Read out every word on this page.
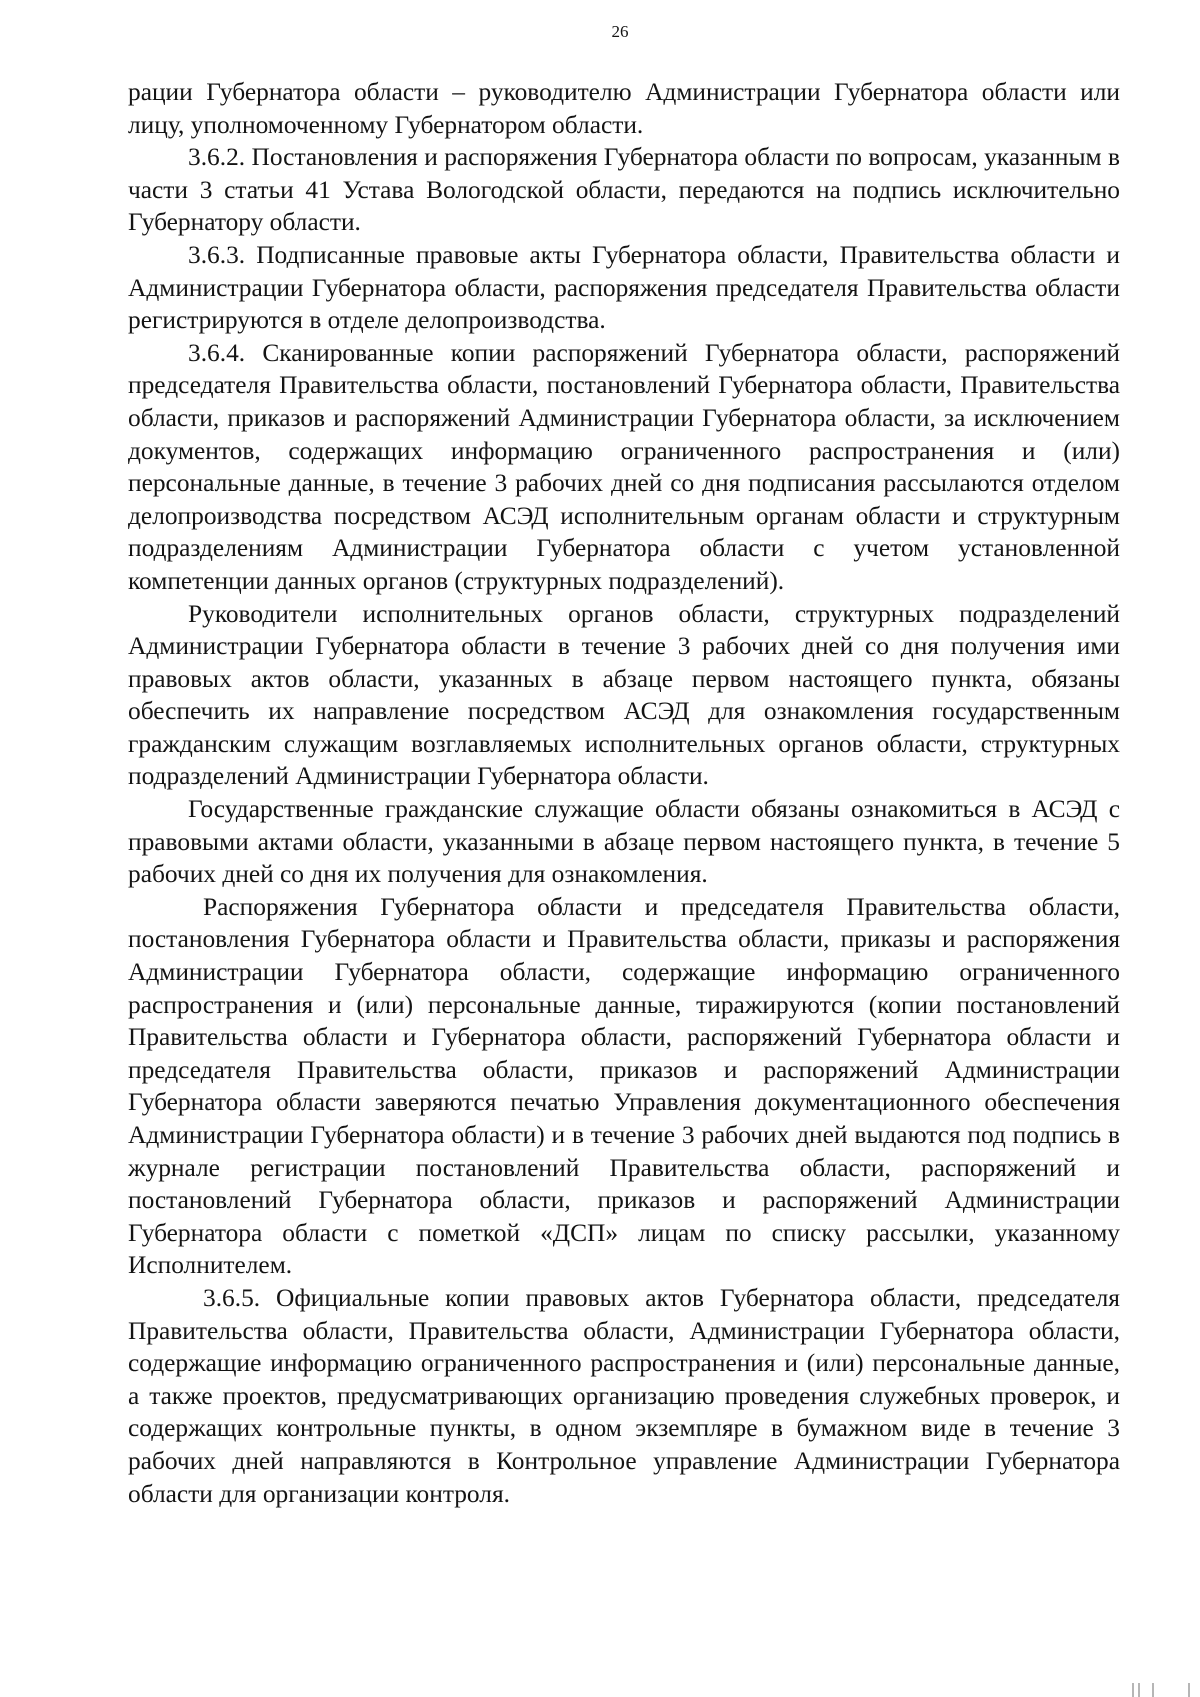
26

рации Губернатора области – руководителю Администрации Губернатора области или лицу, уполномоченному Губернатором области.

3.6.2. Постановления и распоряжения Губернатора области по вопросам, указанным в части 3 статьи 41 Устава Вологодской области, передаются на подпись исключительно Губернатору области.

3.6.3. Подписанные правовые акты Губернатора области, Правительства области и Администрации Губернатора области, распоряжения председателя Правительства области регистрируются в отделе делопроизводства.

3.6.4. Сканированные копии распоряжений Губернатора области, распоряжений председателя Правительства области, постановлений Губернатора области, Правительства области, приказов и распоряжений Администрации Губернатора области, за исключением документов, содержащих информацию ограниченного распространения и (или) персональные данные, в течение 3 рабочих дней со дня подписания рассылаются отделом делопроизводства посредством АСЭД исполнительным органам области и структурным подразделениям Администрации Губернатора области с учетом установленной компетенции данных органов (структурных подразделений).

Руководители исполнительных органов области, структурных подразделений Администрации Губернатора области в течение 3 рабочих дней со дня получения ими правовых актов области, указанных в абзаце первом настоящего пункта, обязаны обеспечить их направление посредством АСЭД для ознакомления государственным гражданским служащим возглавляемых исполнительных органов области, структурных подразделений Администрации Губернатора области.

Государственные гражданские служащие области обязаны ознакомиться в АСЭД с правовыми актами области, указанными в абзаце первом настоящего пункта, в течение 5 рабочих дней со дня их получения для ознакомления.

Распоряжения Губернатора области и председателя Правительства области, постановления Губернатора области и Правительства области, приказы и распоряжения Администрации Губернатора области, содержащие информацию ограниченного распространения и (или) персональные данные, тиражируются (копии постановлений Правительства области и Губернатора области, распоряжений Губернатора области и председателя Правительства области, приказов и распоряжений Администрации Губернатора области заверяются печатью Управления документационного обеспечения Администрации Губернатора области) и в течение 3 рабочих дней выдаются под подпись в журнале регистрации постановлений Правительства области, распоряжений и постановлений Губернатора области, приказов и распоряжений Администрации Губернатора области с пометкой «ДСП» лицам по списку рассылки, указанному Исполнителем.

3.6.5. Официальные копии правовых актов Губернатора области, председателя Правительства области, Правительства области, Администрации Губернатора области, содержащие информацию ограниченного распространения и (или) персональные данные, а также проектов, предусматривающих организацию проведения служебных проверок, и содержащих контрольные пункты, в одном экземпляре в бумажном виде в течение 3 рабочих дней направляются в Контрольное управление Администрации Губернатора области для организации контроля.
